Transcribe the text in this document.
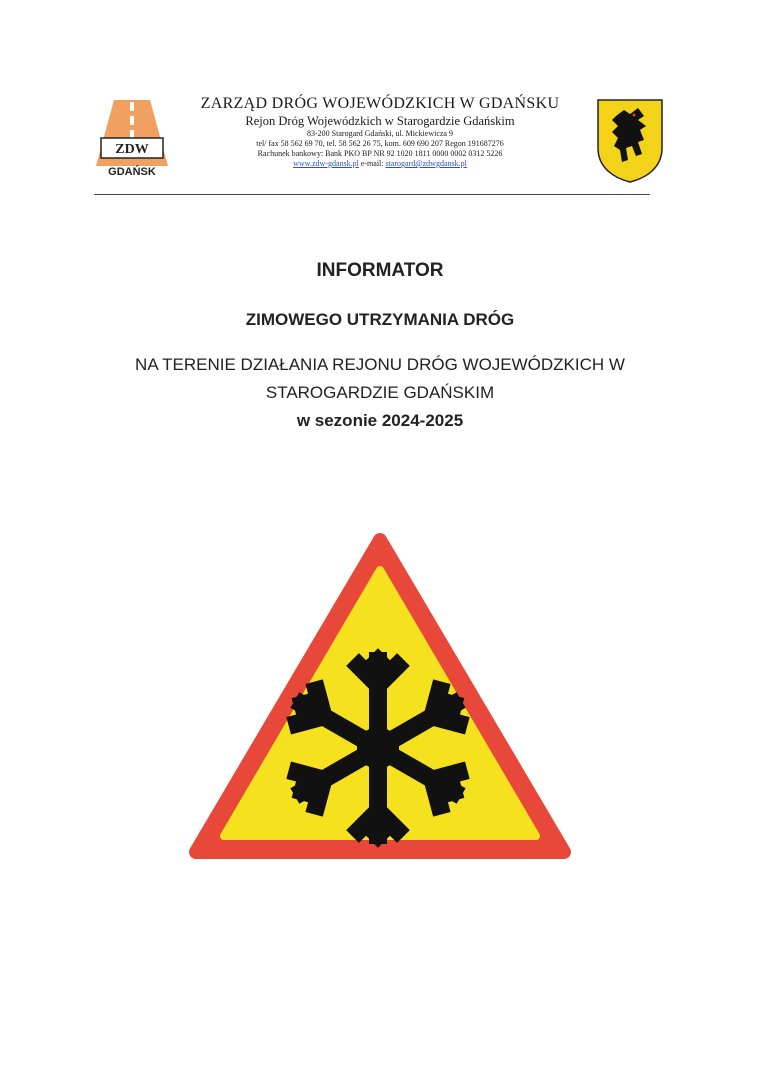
ZDW
GDAŃSK
ZARZĄD DRÓG WOJEWÓDZKICH W GDAŃSKU
Rejon Dróg Wojewódzkich w Starogardzie Gdańskim
83-200 Starogard Gdański, ul. Mickiewicza 9
tel/ fax 58 562 69 70, tel. 58 562 26 75, kom. 609 690 207 Regon 191687276
Rachunek bankowy: Bank PKO BP NR 92 1020 1811 0000 0002 0312 5226
www.zdw-gdansk.pl e-mail: starogard@zdwgdansk.pl
INFORMATOR
ZIMOWEGO UTRZYMANIA DRÓG
NA TERENIE DZIAŁANIA REJONU DRÓG WOJEWÓDZKICH W
STAROGARDZIE GDAŃSKIM
w sezonie 2024-2025
